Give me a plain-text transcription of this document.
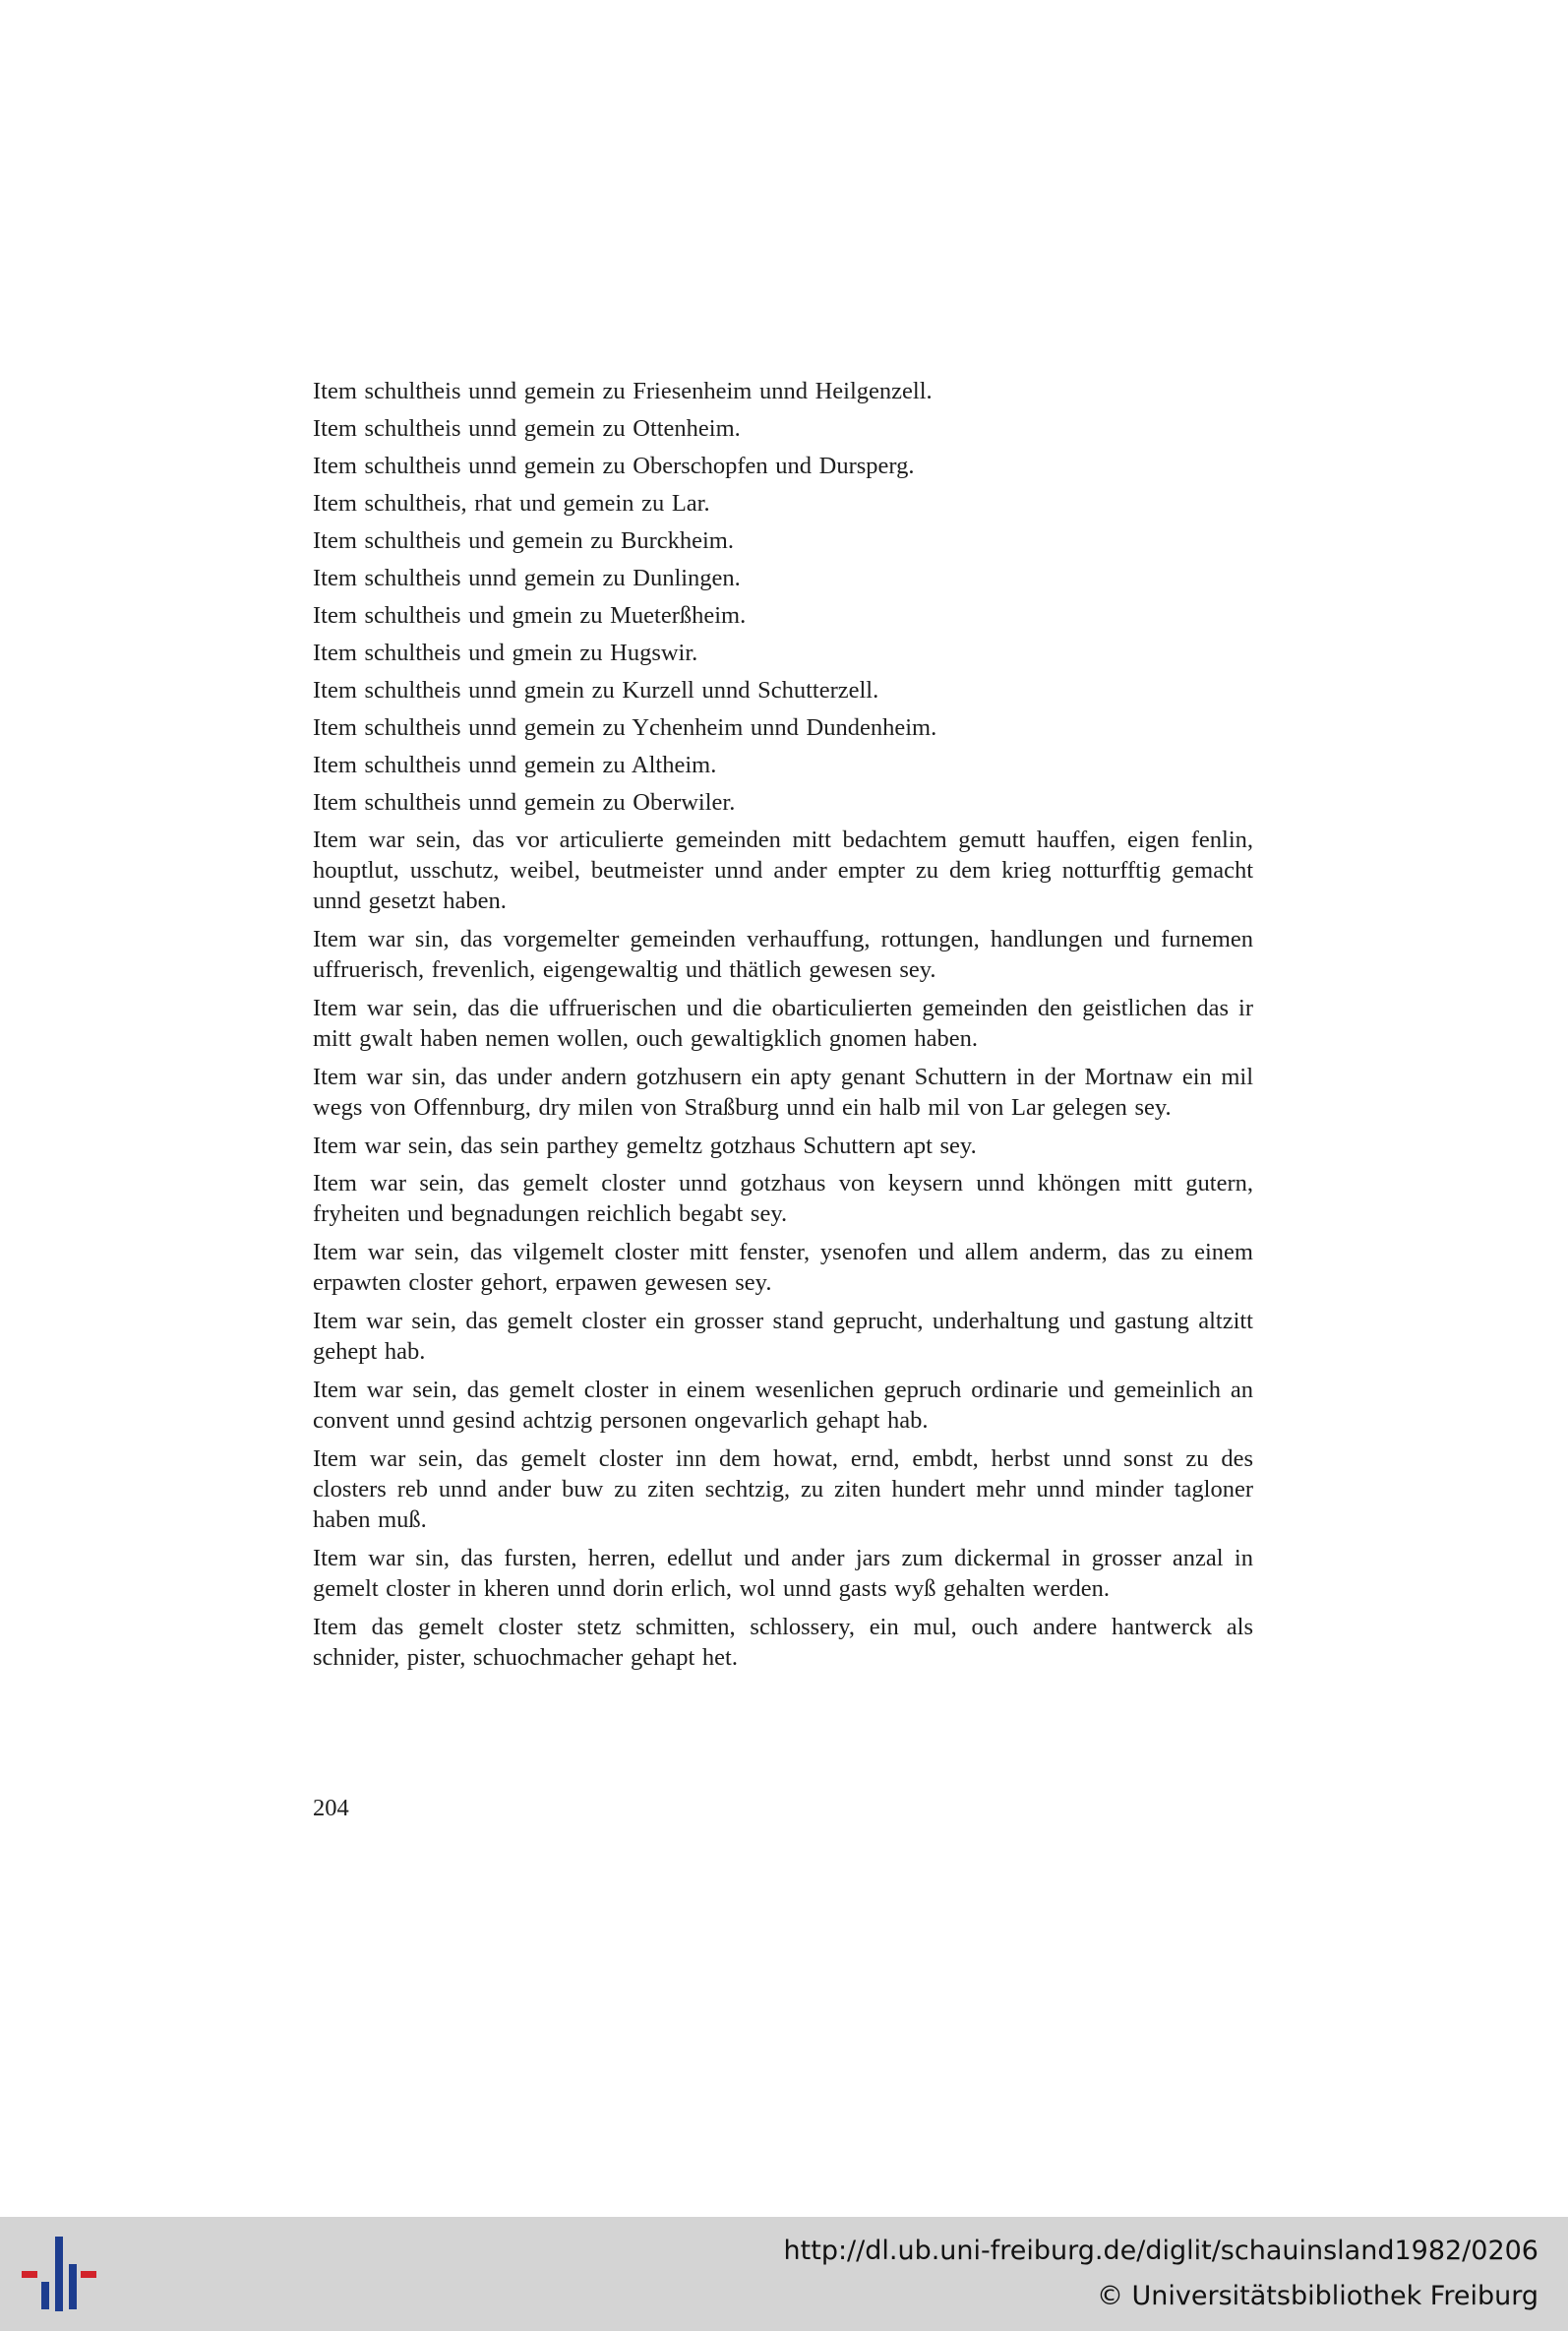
Item schultheis unnd gemein zu Friesenheim unnd Heilgenzell.

Item schultheis unnd gemein zu Ottenheim.

Item schultheis unnd gemein zu Oberschopfen und Dursperg.

Item schultheis, rhat und gemein zu Lar.

Item schultheis und gemein zu Burckheim.

Item schultheis unnd gemein zu Dunlingen.

Item schultheis und gmein zu Mueterßheim.

Item schultheis und gmein zu Hugswir.

Item schultheis unnd gmein zu Kurzell unnd Schutterzell.

Item schultheis unnd gemein zu Ychenheim unnd Dundenheim.

Item schultheis unnd gemein zu Altheim.

Item schultheis unnd gemein zu Oberwiler.

Item war sein, das vor articulierte gemeinden mitt bedachtem gemutt hauffen, eigen fenlin, houptlut, usschutz, weibel, beutmeister unnd ander empter zu dem krieg notturfftig gemacht unnd gesetzt haben.

Item war sin, das vorgemelter gemeinden verhauffung, rottungen, handlungen und furnemen uffruerisch, frevenlich, eigengewaltig und thätlich gewesen sey.

Item war sein, das die uffruerischen und die obarticulierten gemeinden den geistlichen das ir mitt gwalt haben nemen wollen, ouch gewaltigklich gnomen haben.

Item war sin, das under andern gotzhusern ein apty genant Schuttern in der Mortnaw ein mil wegs von Offennburg, dry milen von Straßburg unnd ein halb mil von Lar gelegen sey.

Item war sein, das sein parthey gemeltz gotzhaus Schuttern apt sey.

Item war sein, das gemelt closter unnd gotzhaus von keysern unnd khöngen mitt gutern, fryheiten und begnadungen reichlich begabt sey.

Item war sein, das vilgemelt closter mitt fenster, ysenofen und allem anderm, das zu einem erpawten closter gehort, erpawen gewesen sey.

Item war sein, das gemelt closter ein grosser stand geprucht, underhaltung und gastung altzitt gehept hab.

Item war sein, das gemelt closter in einem wesenlichen gepruch ordinarie und gemeinlich an convent unnd gesind achtzig personen ongevarlich gehapt hab.

Item war sein, das gemelt closter inn dem howat, ernd, embdt, herbst unnd sonst zu des closters reb unnd ander buw zu ziten sechtzig, zu ziten hundert mehr unnd minder tagloner haben muß.

Item war sin, das fursten, herren, edellut und ander jars zum dickermal in grosser anzal in gemelt closter in kheren unnd dorin erlich, wol unnd gasts wyß gehalten werden.

Item das gemelt closter stetz schmitten, schlossery, ein mul, ouch andere hantwerck als schnider, pister, schuochmacher gehapt het.

204
http://dl.ub.uni-freiburg.de/diglit/schauinsland1982/0206
© Universitätsbibliothek Freiburg
